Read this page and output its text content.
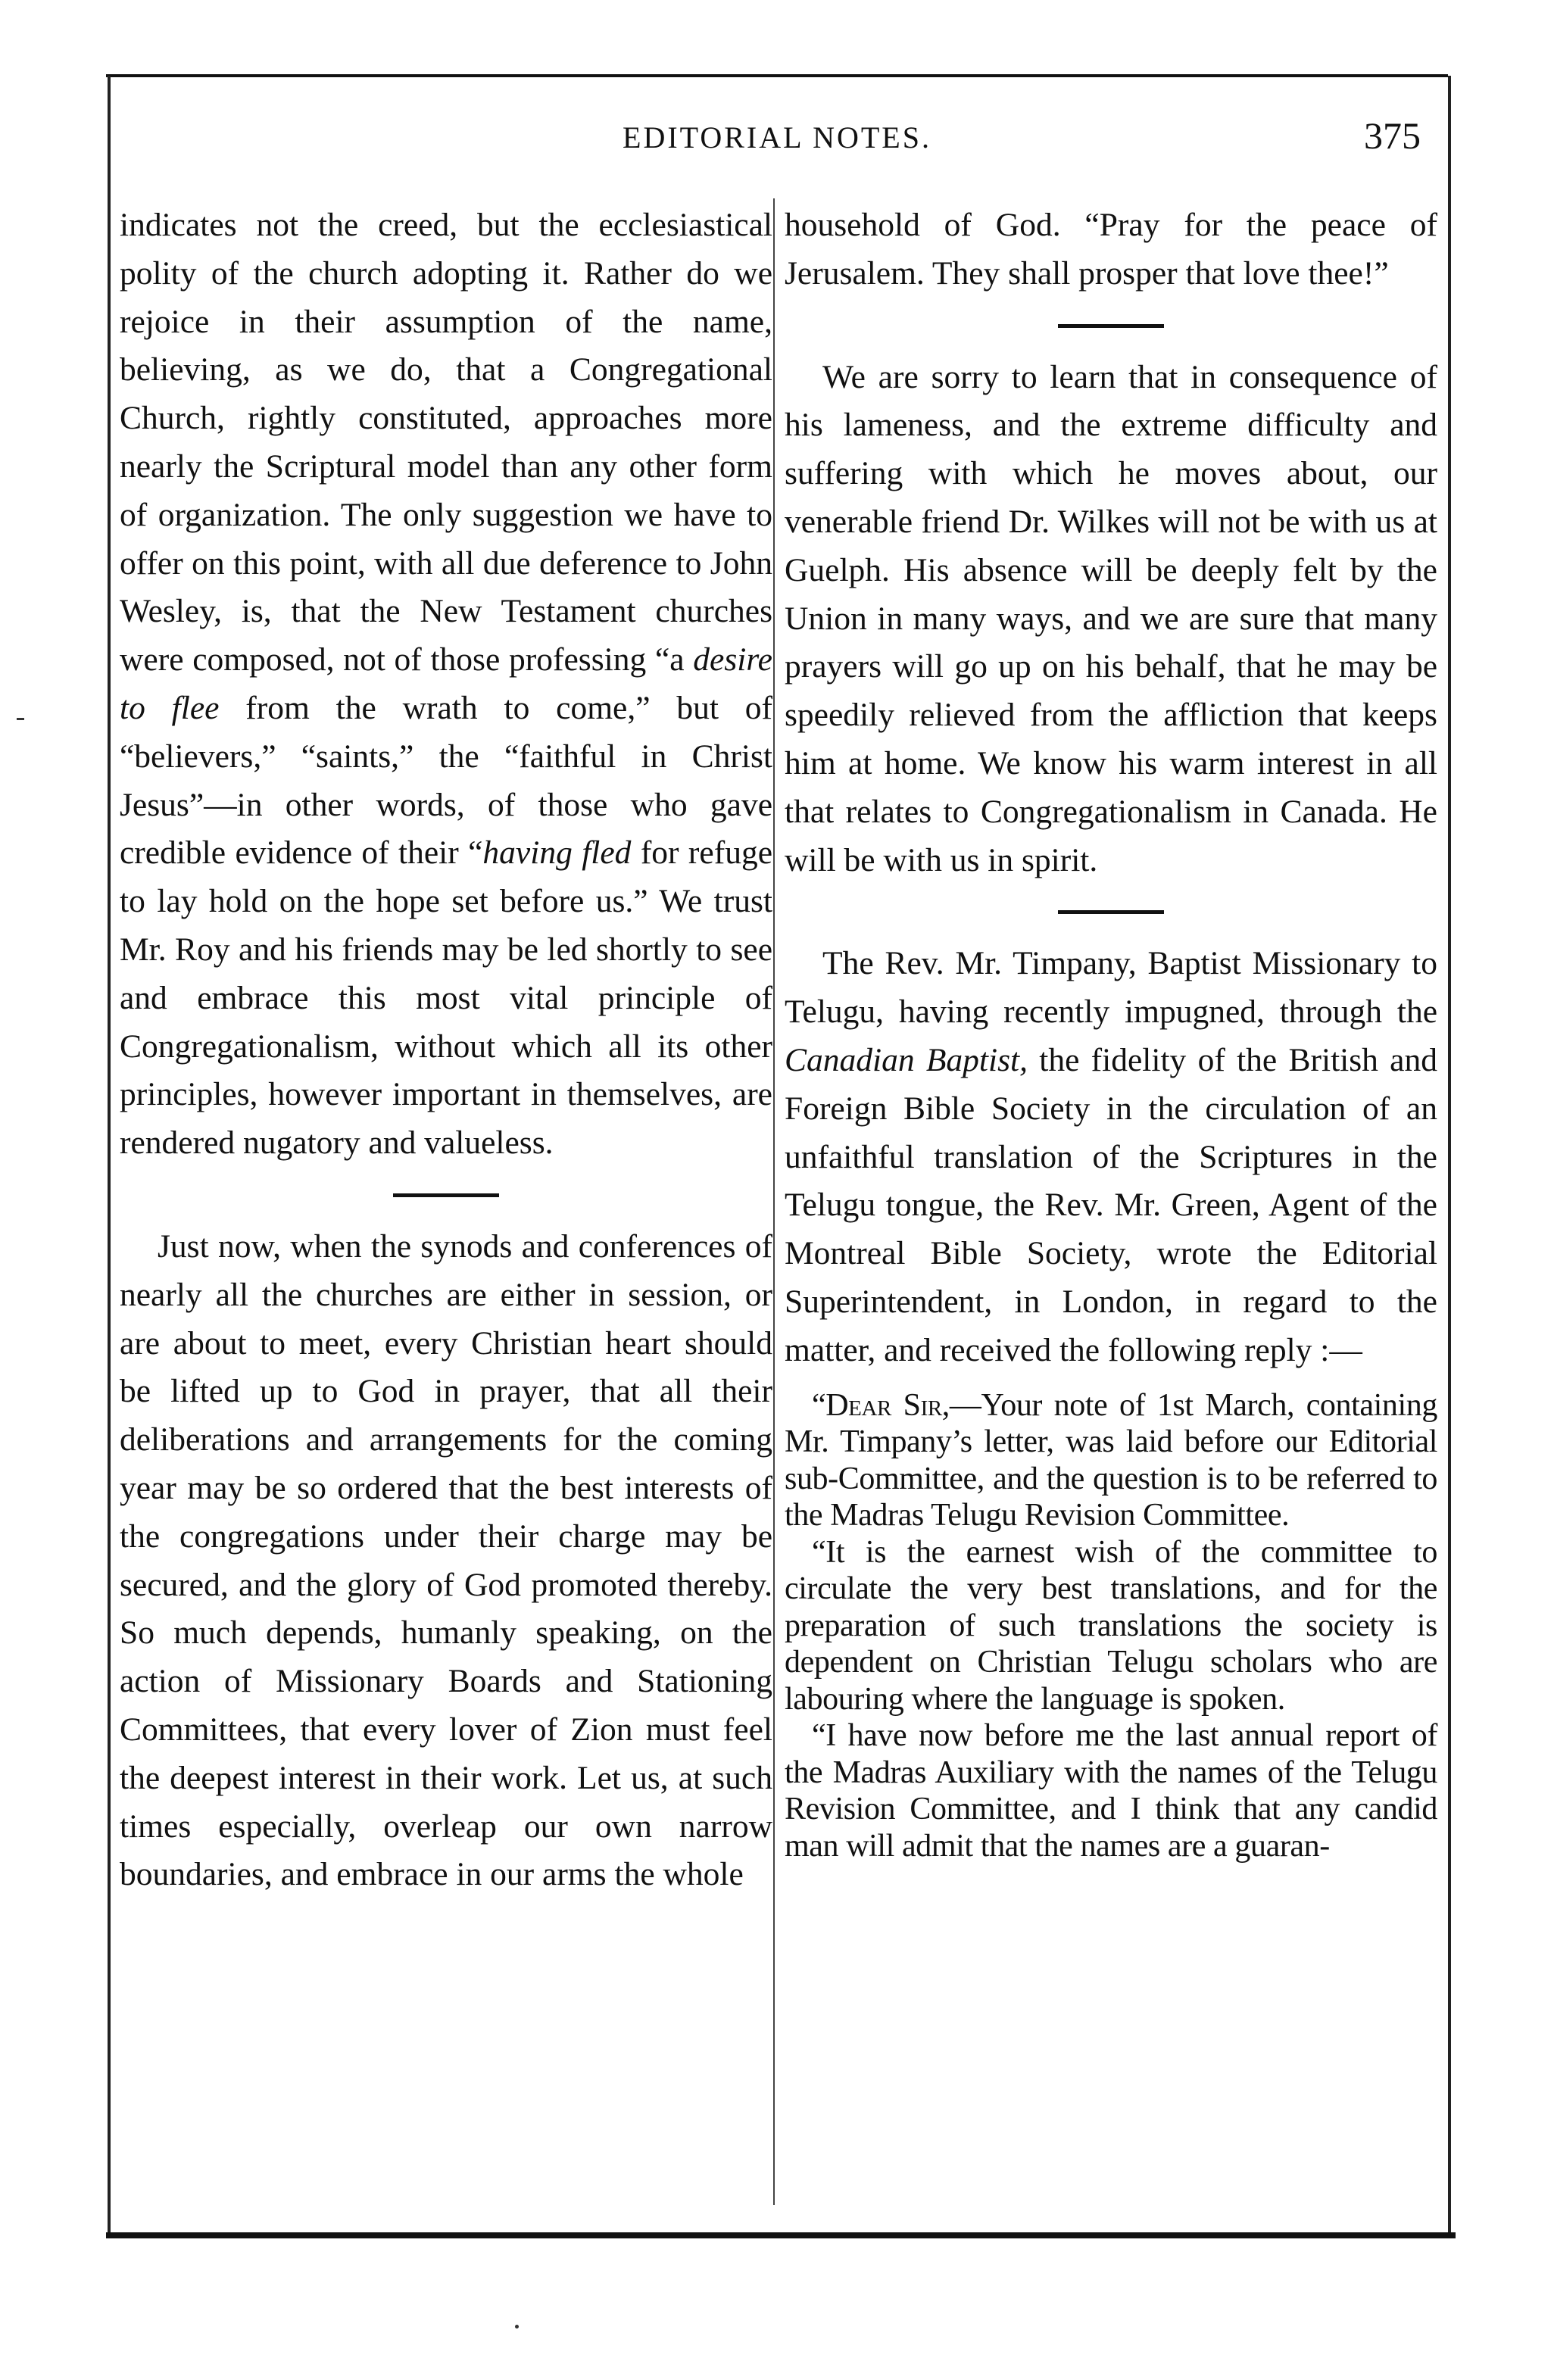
EDITORIAL NOTES.	375

indicates not the creed, but the ecclesiastical polity of the church adopting it. Rather do we rejoice in their assumption of the name, believing, as we do, that a Congregational Church, rightly constituted, approaches more nearly the Scriptural model than any other form of organization. The only suggestion we have to offer on this point, with all due deference to John Wesley, is, that the New Testament churches were composed, not of those professing “a desire to flee from the wrath to come,” but of “believers,” “saints,” the “faithful in Christ Jesus”—in other words, of those who gave credible evidence of their “having fled for refuge to lay hold on the hope set before us.” We trust Mr. Roy and his friends may be led shortly to see and embrace this most vital principle of Congregationalism, without which all its other principles, however important in themselves, are rendered nugatory and valueless.

Just now, when the synods and conferences of nearly all the churches are either in session, or are about to meet, every Christian heart should be lifted up to God in prayer, that all their deliberations and arrangements for the coming year may be so ordered that the best interests of the congregations under their charge may be secured, and the glory of God promoted thereby. So much depends, humanly speaking, on the action of Missionary Boards and Stationing Committees, that every lover of Zion must feel the deepest interest in their work. Let us, at such times especially, overleap our own narrow boundaries, and embrace in our arms the whole

household of God. “Pray for the peace of Jerusalem. They shall prosper that love thee!”

We are sorry to learn that in consequence of his lameness, and the extreme difficulty and suffering with which he moves about, our venerable friend Dr. Wilkes will not be with us at Guelph. His absence will be deeply felt by the Union in many ways, and we are sure that many prayers will go up on his behalf, that he may be speedily relieved from the affliction that keeps him at home. We know his warm interest in all that relates to Congregationalism in Canada. He will be with us in spirit.

The Rev. Mr. Timpany, Baptist Missionary to Telugu, having recently impugned, through the Canadian Baptist, the fidelity of the British and Foreign Bible Society in the circulation of an unfaithful translation of the Scriptures in the Telugu tongue, the Rev. Mr. Green, Agent of the Montreal Bible Society, wrote the Editorial Superintendent, in London, in regard to the matter, and received the following reply :—

“Dear Sir,—Your note of 1st March, containing Mr. Timpany’s letter, was laid before our Editorial sub-Committee, and the question is to be referred to the Madras Telugu Revision Committee.

“It is the earnest wish of the committee to circulate the very best translations, and for the preparation of such translations the society is dependent on Christian Telugu scholars who are labouring where the language is spoken.

“I have now before me the last annual report of the Madras Auxiliary with the names of the Telugu Revision Committee, and I think that any candid man will admit that the names are a guaran-
